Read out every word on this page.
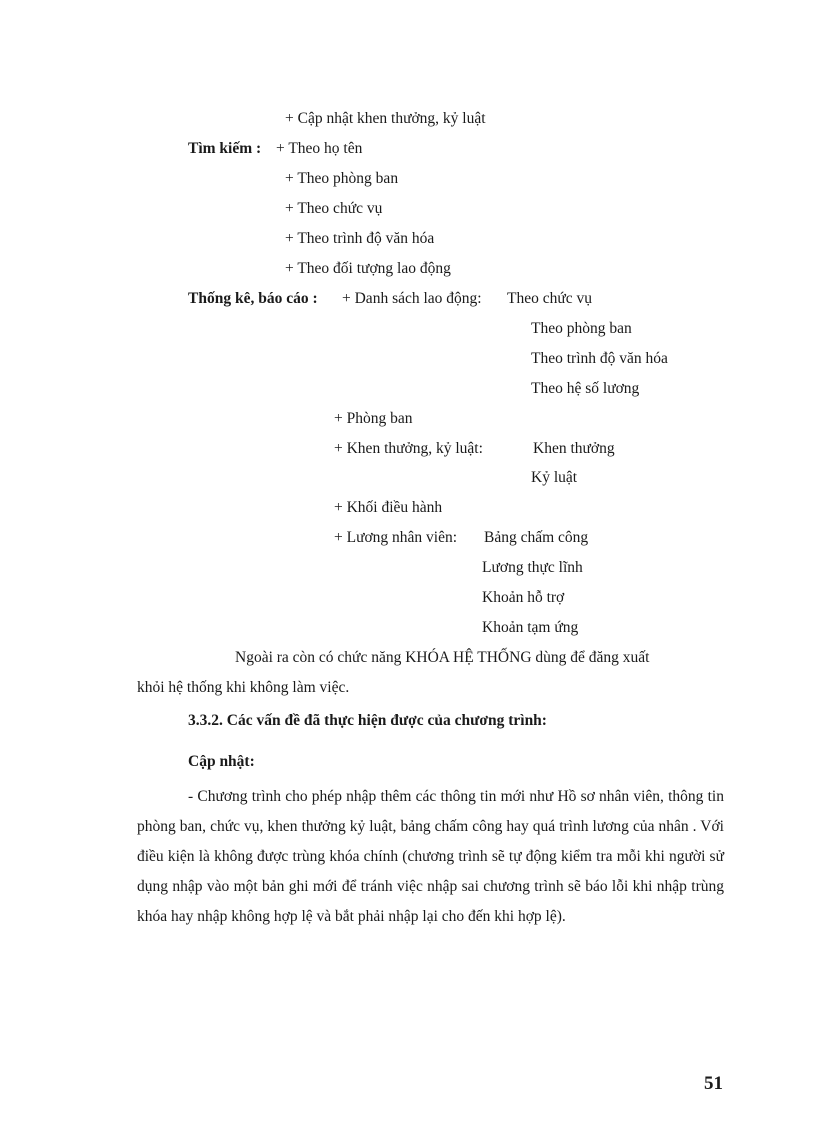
+ Cập nhật khen thưởng, kỷ luật
Tìm kiếm : + Theo họ tên
+ Theo phòng ban
+ Theo chức vụ
+ Theo trình độ văn hóa
+ Theo đối tượng lao động
Thống kê, báo cáo : + Danh sách lao động: Theo chức vụ
Theo phòng ban
Theo trình độ văn hóa
Theo hệ số lương
+ Phòng ban
+ Khen thưởng, kỷ luật:	Khen thưởng
Kỷ luật
+ Khối điều hành
+ Lương nhân viên: Bảng chấm công
Lương thực lĩnh
Khoản hỗ trợ
Khoản tạm ứng
Ngoài ra còn có chức năng KHÓA HỆ THỐNG dùng để đăng xuất
khỏi hệ thống khi không làm việc.
3.3.2. Các vấn đề đã thực hiện được của chương trình:
Cập nhật:
- Chương trình cho phép nhập thêm các thông tin mới như Hồ sơ nhân viên, thông tin phòng ban, chức vụ, khen thưởng kỷ luật, bảng chấm công hay quá trình lương của nhân . Với điều kiện là không được trùng khóa chính (chương trình sẽ tự động kiểm tra mỗi khi người sử dụng nhập vào một bản ghi mới để tránh việc nhập sai chương trình sẽ báo lỗi khi nhập trùng khóa hay nhập không hợp lệ và bắt phải nhập lại cho đến khi hợp lệ).
51
